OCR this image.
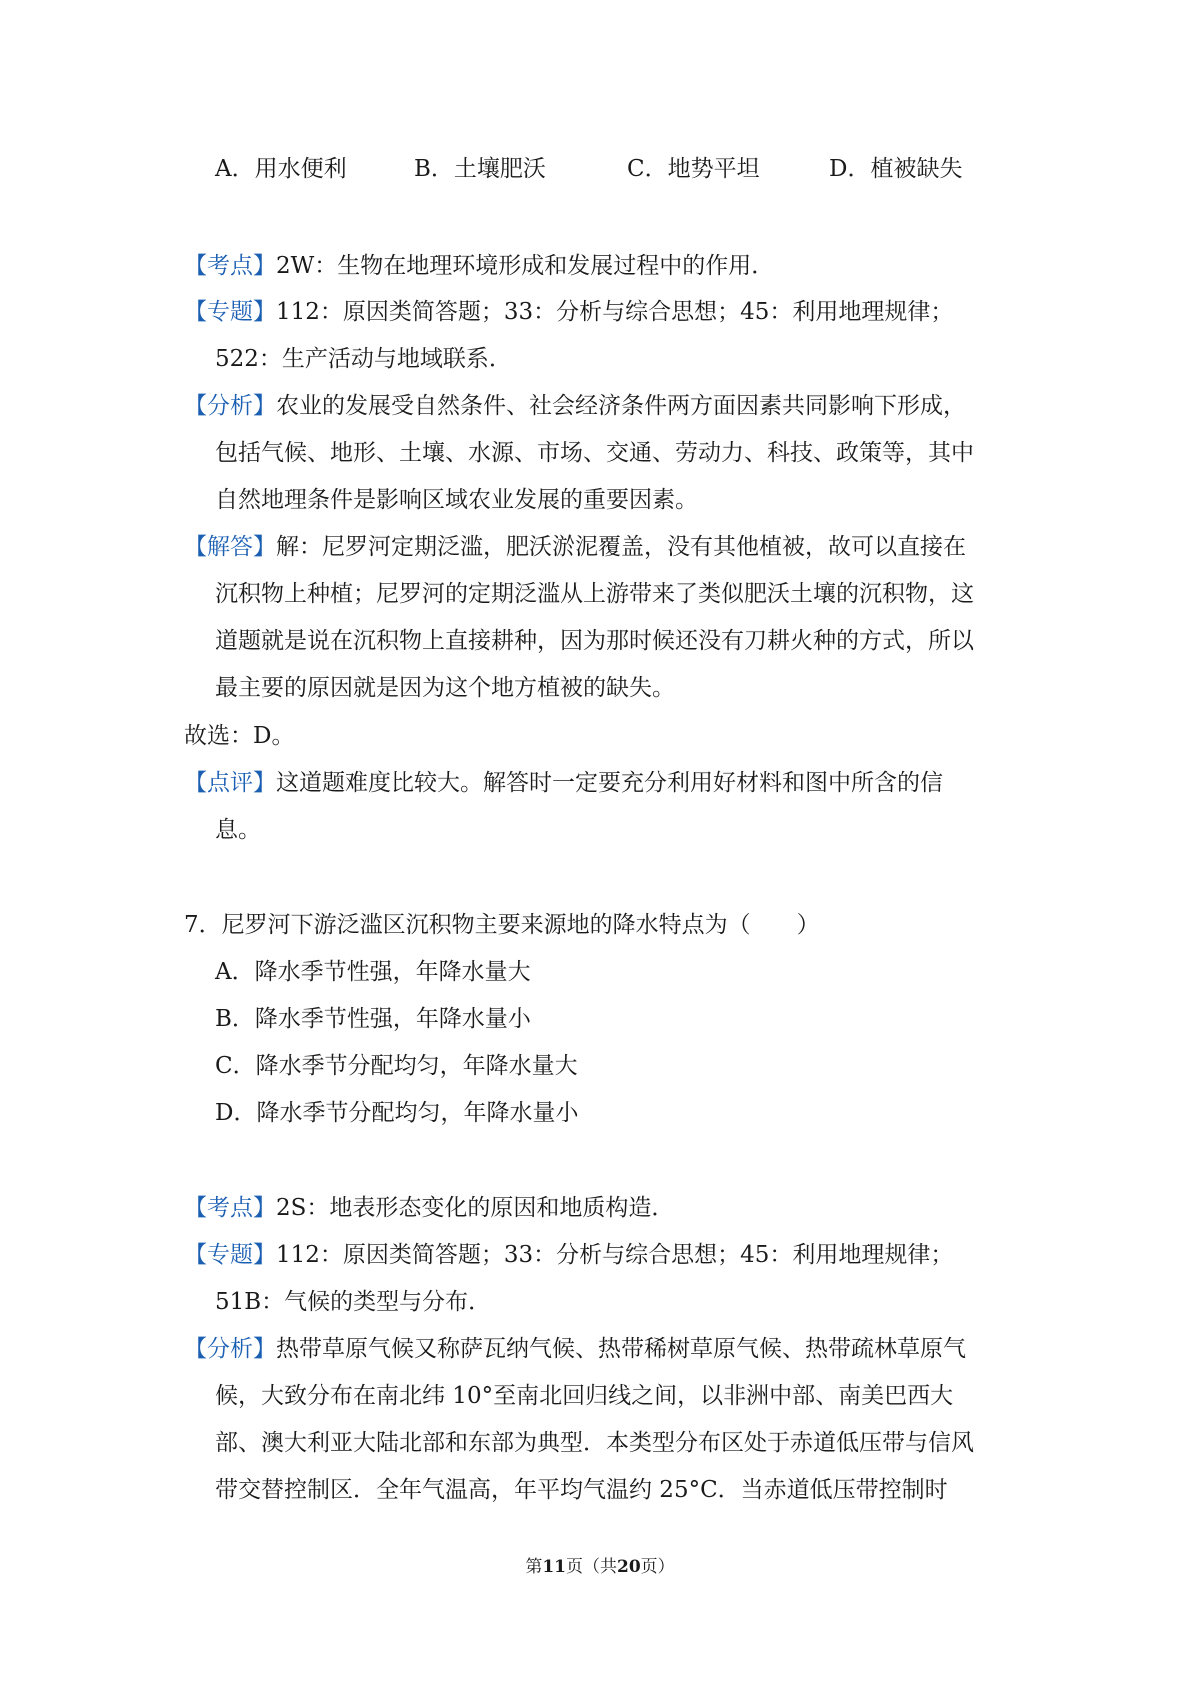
A．用水便利	B．土壤肥沃	C．地势平坦	D．植被缺失
【考点】2W：生物在地理环境形成和发展过程中的作用．
【专题】112：原因类简答题；33：分析与综合思想；45：利用地理规律；
522：生产活动与地域联系．
【分析】农业的发展受自然条件、社会经济条件两方面因素共同影响下形成，
包括气候、地形、土壤、水源、市场、交通、劳动力、科技、政策等，其中
自然地理条件是影响区域农业发展的重要因素。
【解答】解：尼罗河定期泛滥，肥沃淤泥覆盖，没有其他植被，故可以直接在
沉积物上种植；尼罗河的定期泛滥从上游带来了类似肥沃土壤的沉积物，这
道题就是说在沉积物上直接耕种，因为那时候还没有刀耕火种的方式，所以
最主要的原因就是因为这个地方植被的缺失。
故选：D。
【点评】这道题难度比较大。解答时一定要充分利用好材料和图中所含的信
息。
7．尼罗河下游泛滥区沉积物主要来源地的降水特点为（　　）
A．降水季节性强，年降水量大
B．降水季节性强，年降水量小
C．降水季节分配均匀，年降水量大
D．降水季节分配均匀，年降水量小
【考点】2S：地表形态变化的原因和地质构造．
【专题】112：原因类简答题；33：分析与综合思想；45：利用地理规律；
51B：气候的类型与分布．
【分析】热带草原气候又称萨瓦纳气候、热带稀树草原气候、热带疏林草原气
候，大致分布在南北纬 10°至南北回归线之间，以非洲中部、南美巴西大
部、澳大利亚大陆北部和东部为典型．本类型分布区处于赤道低压带与信风
带交替控制区．全年气温高，年平均气温约 25°C．当赤道低压带控制时
第11页（共20页）
